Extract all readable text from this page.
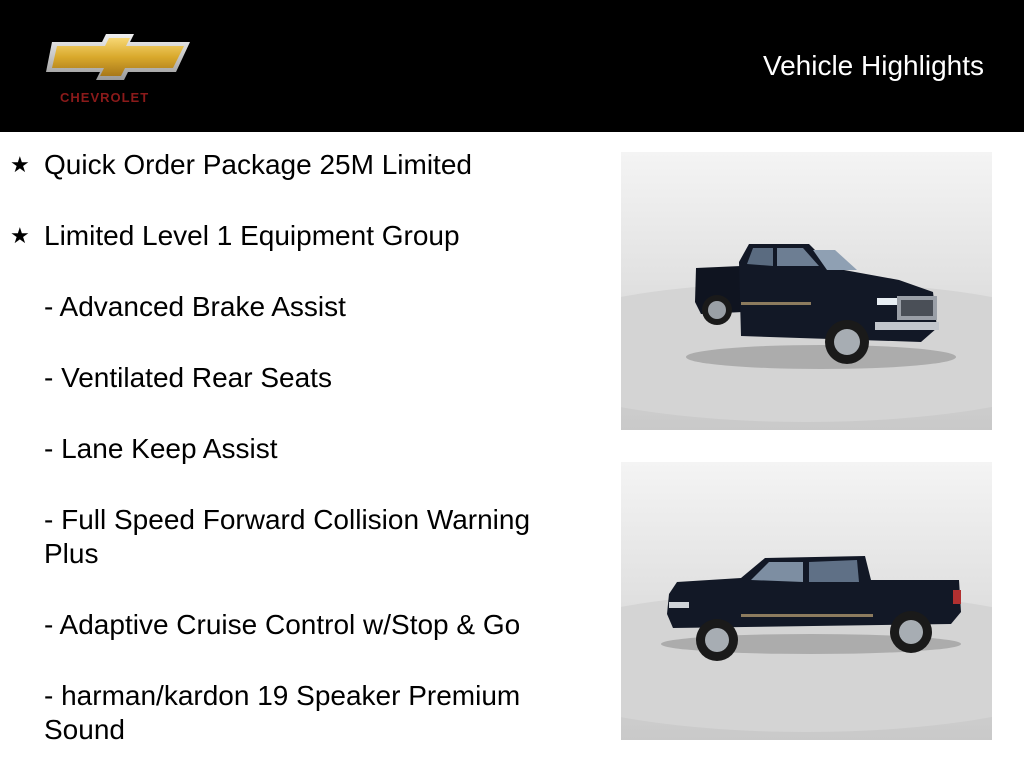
CHEVROLET
Vehicle Highlights
★ Quick Order Package 25M Limited
★ Limited Level 1 Equipment Group
- Advanced Brake Assist
- Ventilated Rear Seats
- Lane Keep Assist
- Full Speed Forward Collision Warning Plus
- Adaptive Cruise Control w/Stop & Go
- harman/kardon 19 Speaker Premium Sound
